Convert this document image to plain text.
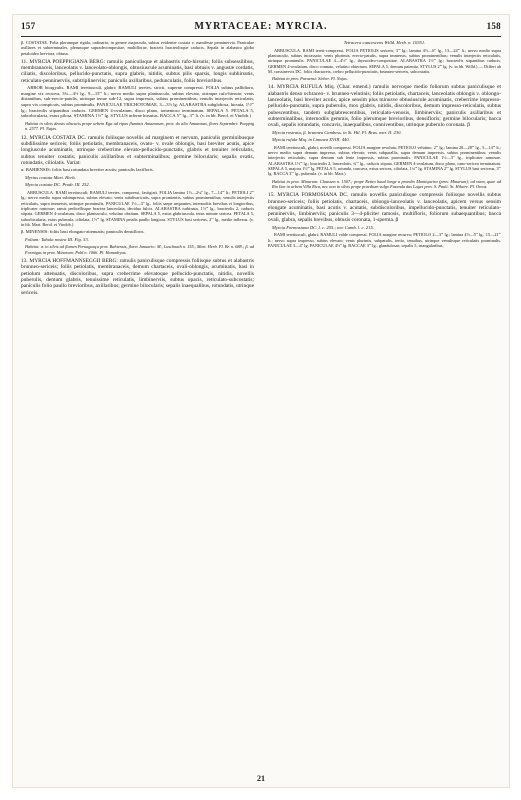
157	MYRTACEAE: MYRCIA.	158

β. COSTATAE. Folia plerumque rigida, ordinaria, in genere majuscula, subtus evidenter costata v. manifeste penninervia. Paniculae axillares et subterminales, plerumque supradecompositae, multiflorae, bracteis bracteolisque caducis. Sepala in alabastro globo petaloideo breviora, obtusa.

11. MYRCIA POEPPIGIANA BERG: ramulis paniculisque et alabastris rufo-hirsutis; foliis subsessilibus, membranaceis, lanceolatis v. lanceolato-oblongis, obtusiuscule acuminatis, basi obtusis v. angustæ cordatis, ciliatis, discoloribus, pellucido-punctatis, supra glabris, nitidis, subtus pilis sparsis, longis subhirsutis, reticulato-penninerviis, subtriplinerviis; paniculis axillaribus, pedunculatis, foliis brevioribus.

ARBOR biorgyalis. RAMI teretiusculi, glabri; RAMULI teretes, stricti, superne compressi. FOLIA subtus pallidiora, margine vix recurva, 3¾—4½ lg., 9—15''' lt.; nervo medio supra planiusculo, subtus elevato, utrinque rufo-hirsuto; venis distantibus, sub-erecto-patulis, utrinque tenue sub-12, supra impressis, subtus prominentibus; venulis interjectis reticulatis, supra vix conspicuis, subtus prominulis. PANICULAE TRICHOTOMAE, 3—3½ lg. ALABASTRA subglobosa, hirsuta, 1½''' lg.; bracteolis stipantibus caducis. GERMEN 4-ovulatum, disco plano, tomentoso terminatum. SEPALA 5. PETALA 5, suborbicularia, extus pilosa. STAMINA 1½''' lg. STYLUS inferne hirsutus. BACCA 5''' lg., 3''' lt. (v. in hb. Berol. et Vindob.)

Habitat in silvis densis obscuris prope urbem Ega ad ripas fluminis Amazonum, prov. do alto Amazonas, floret Septembri: Poeppig n. 2577. Pl. Najas.

12. MYRCIA COSTATA DC. ramulis foliisque novellis ad marginem et nervum, paniculis germinibusque subdilissime sericeis; foliis petiolatis, membranaceis, ovato- v. ovale oblongis, basi breviter acutis, apice longiuscule acuminatis, utrinque creberrime elevato-pellucido-punctatis, glabris et tenuiter reticulatis, subtus tenuiter costatis; paniculis axillaribus et subterminalibus; germine bilocularis; sepalis ovatis, rotundatis, ciliolatis. Variat:

α. BAHIENSIS: foliis basi rotundata breviter acutis; paniculis laxifloris.

Myrtus costata Mart. Herb.

Myrcia costata DC. Prodr. III. 252.

ARBUSCULA. RAMI teretiusculi; RAMULI teretes, compressi, fastigiati. FOLIA lamina 1½—2¼'' lg., 7—14''' lt.; PETIOLI 2''' lg.; nervo medio supra subimpresso, subtus elevato; venis subdivaricatis, supra promientis, subtus prominentibus; venulis interjectis reticulatis, supra immersis, utrinque prominulis. PANICULAE 1½—3'' lg., foliis saepe aequantes, internodiis brevibus et longioribus, triplicater ramosae; ramis pedicellisque bractea lanceolata, decidua fulcis. ALABASTRA turbinata, 1½''' lg., bracteolis 2, caducis stipata. GERMEN 4-ovulatum, disco planiusculo, velutino obsitum. SEPALA 5, extus glabriuscula, intus minute sericea. PETALA 5, suborbicularia, extus puberula, ciliolata, 1½''' lg. STAMINA petalis paullo longiora. STYLUS basi sericeus, 2''' lg., medio inflexus. (v. in hb. Mart. Berol. et Vindob.)

β. MINENSIS: foliis basi elongato-attenuatis; paniculis densifloris.

Folium: Tabula nostra III. Fig. 53.

Habitat: α. in silvis ad flumen Peruaguaçu prov. Bahiensis, floret Januario: M., Luschnath n. 155., Mart. Herb. Fl. Br. n. 688.; β. ad Formigas in prov. Minarum: Pohl n. 1066. Pl. Hamadryas.

13. MYRCIA HOFFMANNSEGGII BERG: ramulis paniculisque compressis foliisque subtus et alabastris brunneo-sericeis; foliis petiolatis, membranaceis, demum chartaceis, ovali-oblongis, acuminatis, basi in petiolum attenuatis, discoloribus, supra creberrime elevatoque pellucido-punctatis, nitidis, novellis puberulis, demum glabris, tenuissime reticulatis, limbinerviis, subtus opacis, reticulato-subcostatis; paniculis folio paullo brevioribus, axillaribus; germine bilocularis; sepalis inaequalibus, rotundatis, utrinque sericeis.

Tetracera cancescens Willd. Herb. n. 10351.

ARBUSCULA. RAMI tereti-compressi. FOLIA PETIOLIS sericeis, 3''' lg.; lamina 4½—6'' lg., 13—24''' lt.; nervo medio supra planiusculo, subtus incrassato; venis plurimis, erecto-patulis, supra immersis, subtus prominentibus; venulis interjectis reticulatis, utrinque prominulis. PANICULAE 4—4½'' lg., thyrsoideo-compositae. ALABASTRA 1½''' lg.; bracteolis stipantibus caducis. GERMEN 4-ovulatum, disco connato, velutino obtectum. SEPALA 5, demum patentia. STYLUS 2''' lg. (v. in hb. Willd.) — Differt ab M. crassinervis DC. foliis chartaceis, crebro pellucido-punctatis, brunneo-sericeis, subcostatis.

Habitat in prov. Paraensi: Sieber. Pl. Najas.

14. MYRCIA RUFULA Miq. (Char. emend.) ramulis nervoque medio foliorum subtus paniculisque et alabastris denso ochraceo- v. brunneo-velutinis; foliis petiolatis, chartaceis, lanceolatis oblongis v. oblongo-lanceolatis, basi breviter acutis, apice sensim plus minusve obtusiuscule acuminatis, creberrime impresso-pellucido-punctatis, supra puberulis, mox glabris, nitidis, discoloribus, demum impresso-reticulatis, subtus pubescentibus, tandem subglabrescentibus, reticulato-venosis, limbinerviis; paniculis axillaribus et subterminalibus, internodiis gemmis, folio plerumque brevioribus, densifloris; germine bilocularis; bacca ovali, sepalis rotundatis, concavis, inaequalibus, conniventibus, utrinque puberulo coronata. β

Myrcia rostrata, β. brunnea Cambess. in St. Hil. Fl. Bras. mer. II. 230.

Myrcia rufula Miq. in Linnaea XVIII. 440.

RAMI teretiusculi, glabri; novelli compressi. FOLIA margine revoluta; PETIOLO velutino, 2''' lg.; lamina 20—28''' lg., 5—14''' lt.; nervo medio supra demum impresso, subtus elevato; venis subparallis, supra demum impressis, subtus prominentibus; venulis interjectis reticulatis, supra demum sub lente impressis, subtus prominulis. PANICULAE 1½—3'' lg., triplicater ramosae. ALABASTRA 1½''' lg.; bracteolis 2, lanceolatis, ¾''' lg., caducis stipata. GERMEN 4-ovulatum, disco plano, cano-sericeo terminatum. SEPALA 5, majora 1½''' lg. PETALA 5, rotunda, concava, extus sericea, ciliolata, 1¼''' lg. STAMINA 2''' lg. STYLUS basi sericeus, 3''' lg. BACCA 3''' lg., puberula. (v. in hb. Mart.)

Habitat in prov. Minarum: Claussen n. 1507.; prope Retiro haud longe a praedio Mantiqueira (prov. Minarum); ad viam, quae ad Rio Itar in urbem Villa Rica, nec non in silvis prope praedium vulgo Fazenda das Lages prov. S. Pauli: St. Hilaire. Pl. Oreas.

15. MYRCIA FORMOSIANA DC. ramulis novellis paniculisque compressis foliisque novellis subtus brunneo-sericeis; foliis petiolatis, chartaceis, oblongo-lanceolatis v. lanceolatis, apicem versus sensim elongate acuminatis, basi acutis v. acutatis, subdiscoloribus, impellucido-punctatis, tenuiter reticulato-penninerviis, limbinerviis; paniculis 3—4-pliciter ramosis, multifloris, foliorum subaequantibus; bacca ovali, glabra, sepalis brevibus, obtusis coronata, 1-sperma. β

Myrcia Formosiana DC. l. c. 255.; nec Camb. l. c. 215.

RAMI teretiusculi, glabri; RAMULI valde compressi. FOLIA margine recurva; PETIOLO 2—3''' lg.; lamina 4½—5'' lg., 15—21''' lt.; nervo supra impresso, subtus elevato; venis plurimis, subpatulis, tertio, tenuibus, utrinque venulisque reticulatis prominulis. PANICULAE 3—4'' lg. PANICULAE 4½'' lg. BACCAE 3''' lg., glandulosae, sepalis 5, triangularibus,

21
